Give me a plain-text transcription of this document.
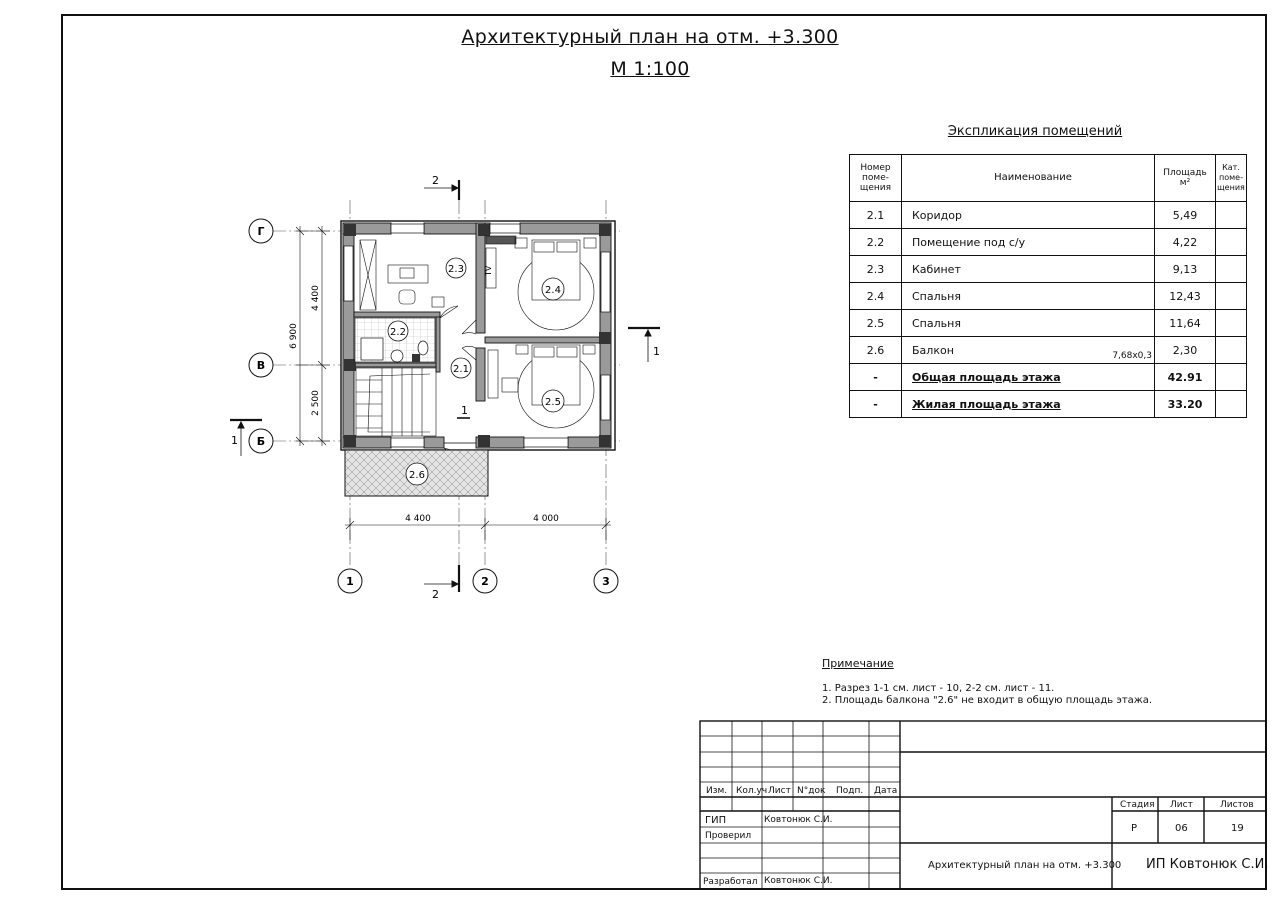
Архитектурный план на отм. +3.300
М 1:100
TV
2.1
2.2
2.3
2.4
2.5
2.6
Г
В
Б
1	2	3
4 400
2 500
6 900
4 400	4 000
2
2
1
1
1
Экспликация помещений
Номер
поме-
щения	Наименование	Площадь
м²	Кат.
поме-
щения
2.1	Коридор	5,49	
2.2	Помещение под с/у	4,22	
2.3	Кабинет	9,13	
2.4	Спальня	12,43	
2.5	Спальня	11,64	
2.6	Балкон 7,68x0,3	2,30	
-	Общая площадь этажа	42.91	
-	Жилая площадь этажа	33.20	
Примечание
1. Разрез 1-1 см. лист - 10, 2-2 см. лист - 11.
2. Площадь балкона "2.6" не входит в общую площадь этажа.
Изм. Кол.уч Лист N°док Подп. Дата
ГИП	Ковтонюк С.И.
Проверил
Разработал Ковтонюк С.И.
Стадия Лист	Листов
Р	06	19
Архитектурный план на отм. +3.300 ИП Ковтонюк С.И.
